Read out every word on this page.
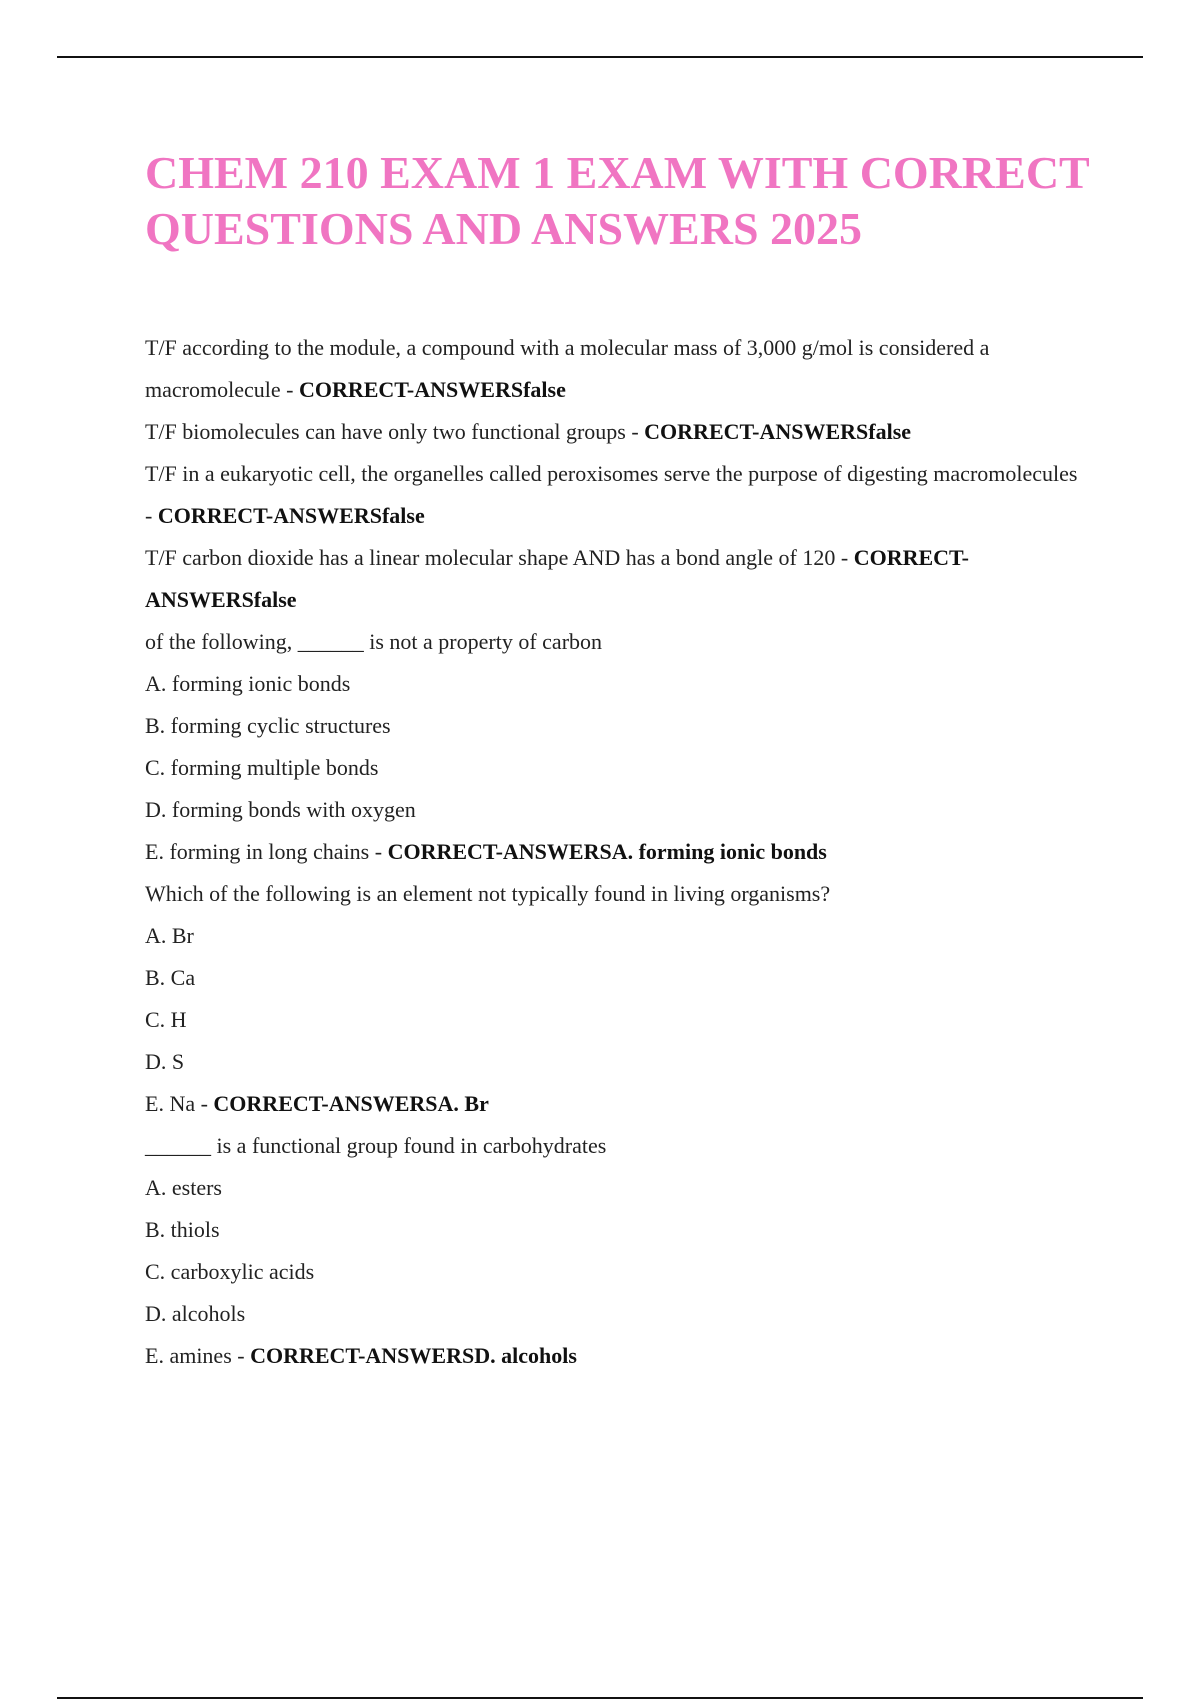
CHEM 210 EXAM 1 EXAM WITH CORRECT QUESTIONS AND ANSWERS 2025
T/F according to the module, a compound with a molecular mass of 3,000 g/mol is considered a macromolecule - CORRECT-ANSWERSfalse
T/F biomolecules can have only two functional groups - CORRECT-ANSWERSfalse
T/F in a eukaryotic cell, the organelles called peroxisomes serve the purpose of digesting macromolecules - CORRECT-ANSWERSfalse
T/F carbon dioxide has a linear molecular shape AND has a bond angle of 120 - CORRECT-ANSWERSfalse
of the following, ______ is not a property of carbon
A. forming ionic bonds
B. forming cyclic structures
C. forming multiple bonds
D. forming bonds with oxygen
E. forming in long chains - CORRECT-ANSWERSA. forming ionic bonds
Which of the following is an element not typically found in living organisms?
A. Br
B. Ca
C. H
D. S
E. Na - CORRECT-ANSWERSA. Br
______ is a functional group found in carbohydrates
A. esters
B. thiols
C. carboxylic acids
D. alcohols
E. amines - CORRECT-ANSWERSD. alcohols
